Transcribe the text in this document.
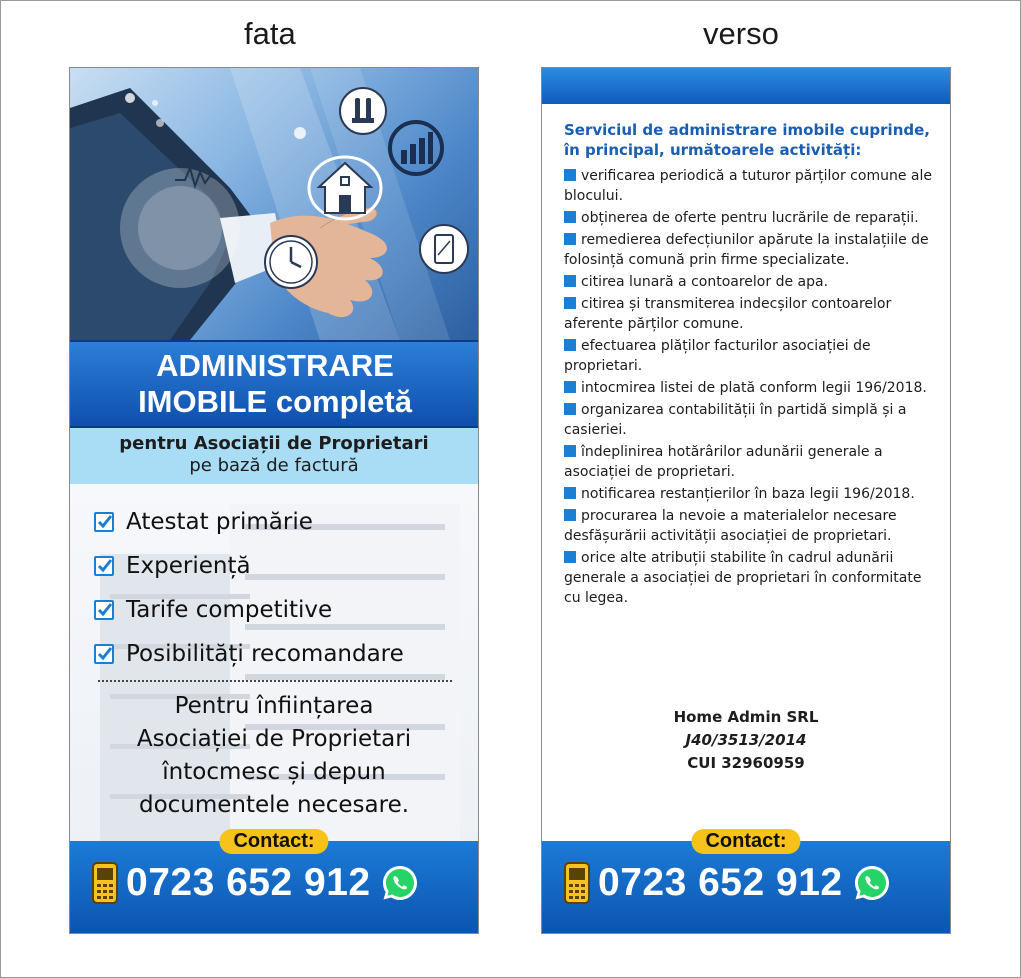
fata	verso
ADMINISTRARE
IMOBILE completă
pentru Asociații de Proprietari
pe bază de factură
Atestat primărie
Experiență
Tarife competitive
Posibilități recomandare
Pentru înființarea
Asociației de Proprietari
întocmesc și depun
documentele necesare.
Contact:
0723 652 912
Serviciul de administrare imobile cuprinde,
în principal, următoarele activități:
verificarea periodică a tuturor părților comune ale blocului.
obținerea de oferte pentru lucrările de reparații.
remedierea defecțiunilor apărute la instalațiile de folosință comună prin firme specializate.
citirea lunară a contoarelor de apa.
citirea și transmiterea indecșilor contoarelor aferente părților comune.
efectuarea plăților facturilor asociației de proprietari.
intocmirea listei de plată conform legii 196/2018.
organizarea contabilității în partidă simplă și a casieriei.
îndeplinirea hotărârilor adunării generale a asociației de proprietari.
notificarea restanțierilor în baza legii 196/2018.
procurarea la nevoie a materialelor necesare desfășurării activității asociației de proprietari.
orice alte atribuții stabilite în cadrul adunării generale a asociației de proprietari în conformitate cu legea.
Home Admin SRL
J40/3513/2014
CUI 32960959
Contact:
0723 652 912
